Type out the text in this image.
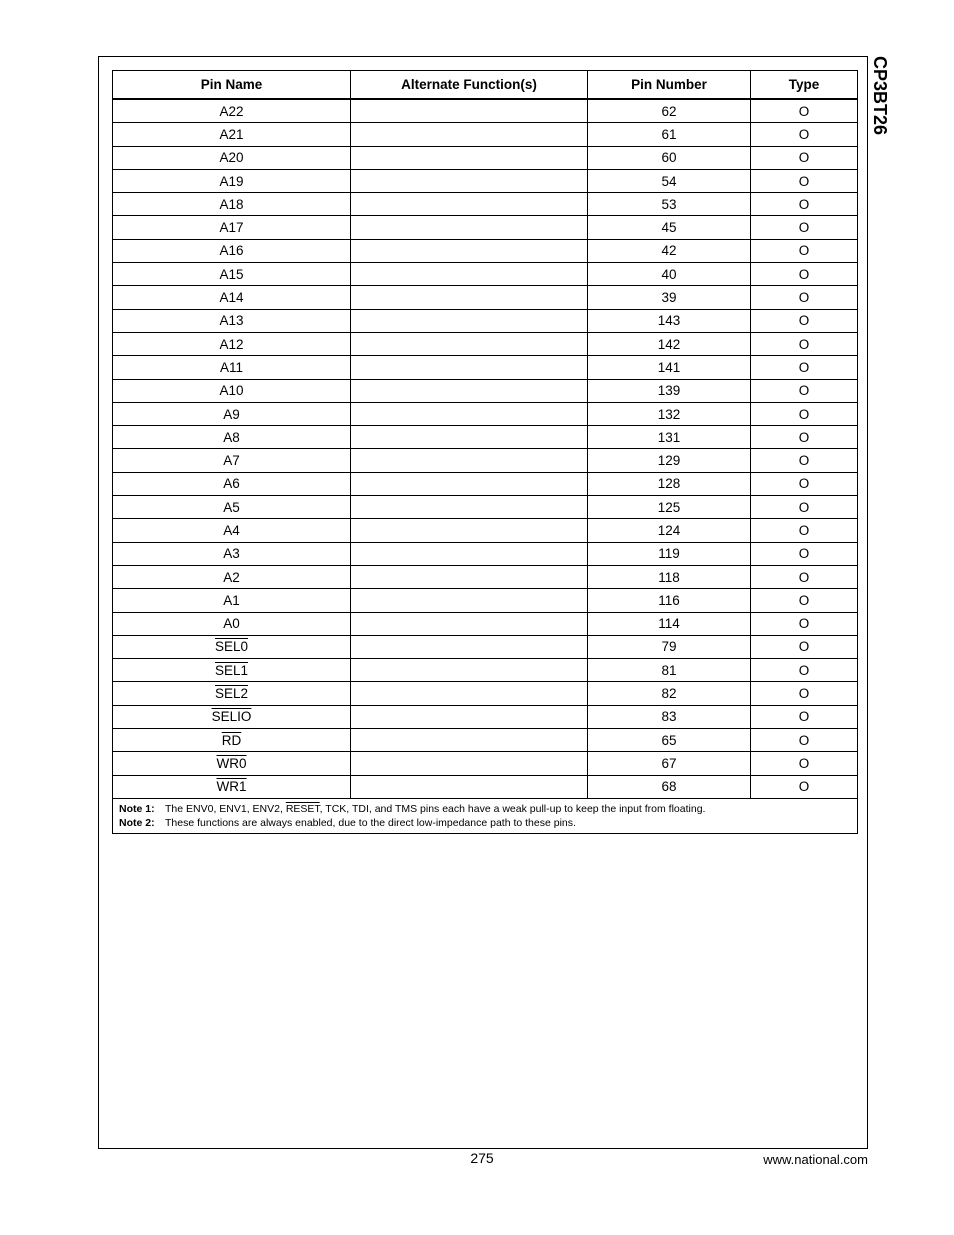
CP3BT26
Pin Name	Alternate Function(s)	Pin Number	Type
A22		62	O
A21		61	O
A20		60	O
A19		54	O
A18		53	O
A17		45	O
A16		42	O
A15		40	O
A14		39	O
A13		143	O
A12		142	O
A11		141	O
A10		139	O
A9		132	O
A8		131	O
A7		129	O
A6		128	O
A5		125	O
A4		124	O
A3		119	O
A2		118	O
A1		116	O
A0		114	O
SEL0		79	O
SEL1		81	O
SEL2		82	O
SELIO		83	O
$\overline{RD}$		65	O
WR0		67	O
WR1		68	O

Note 1: The ENV0, ENV1, ENV2, RESET, TCK, TDI, and TMS pins each have a weak pull-up to keep the input from floating.
Note 2: These functions are always enabled, due to the direct low-impedance path to these pins.			
275	www.national.com
